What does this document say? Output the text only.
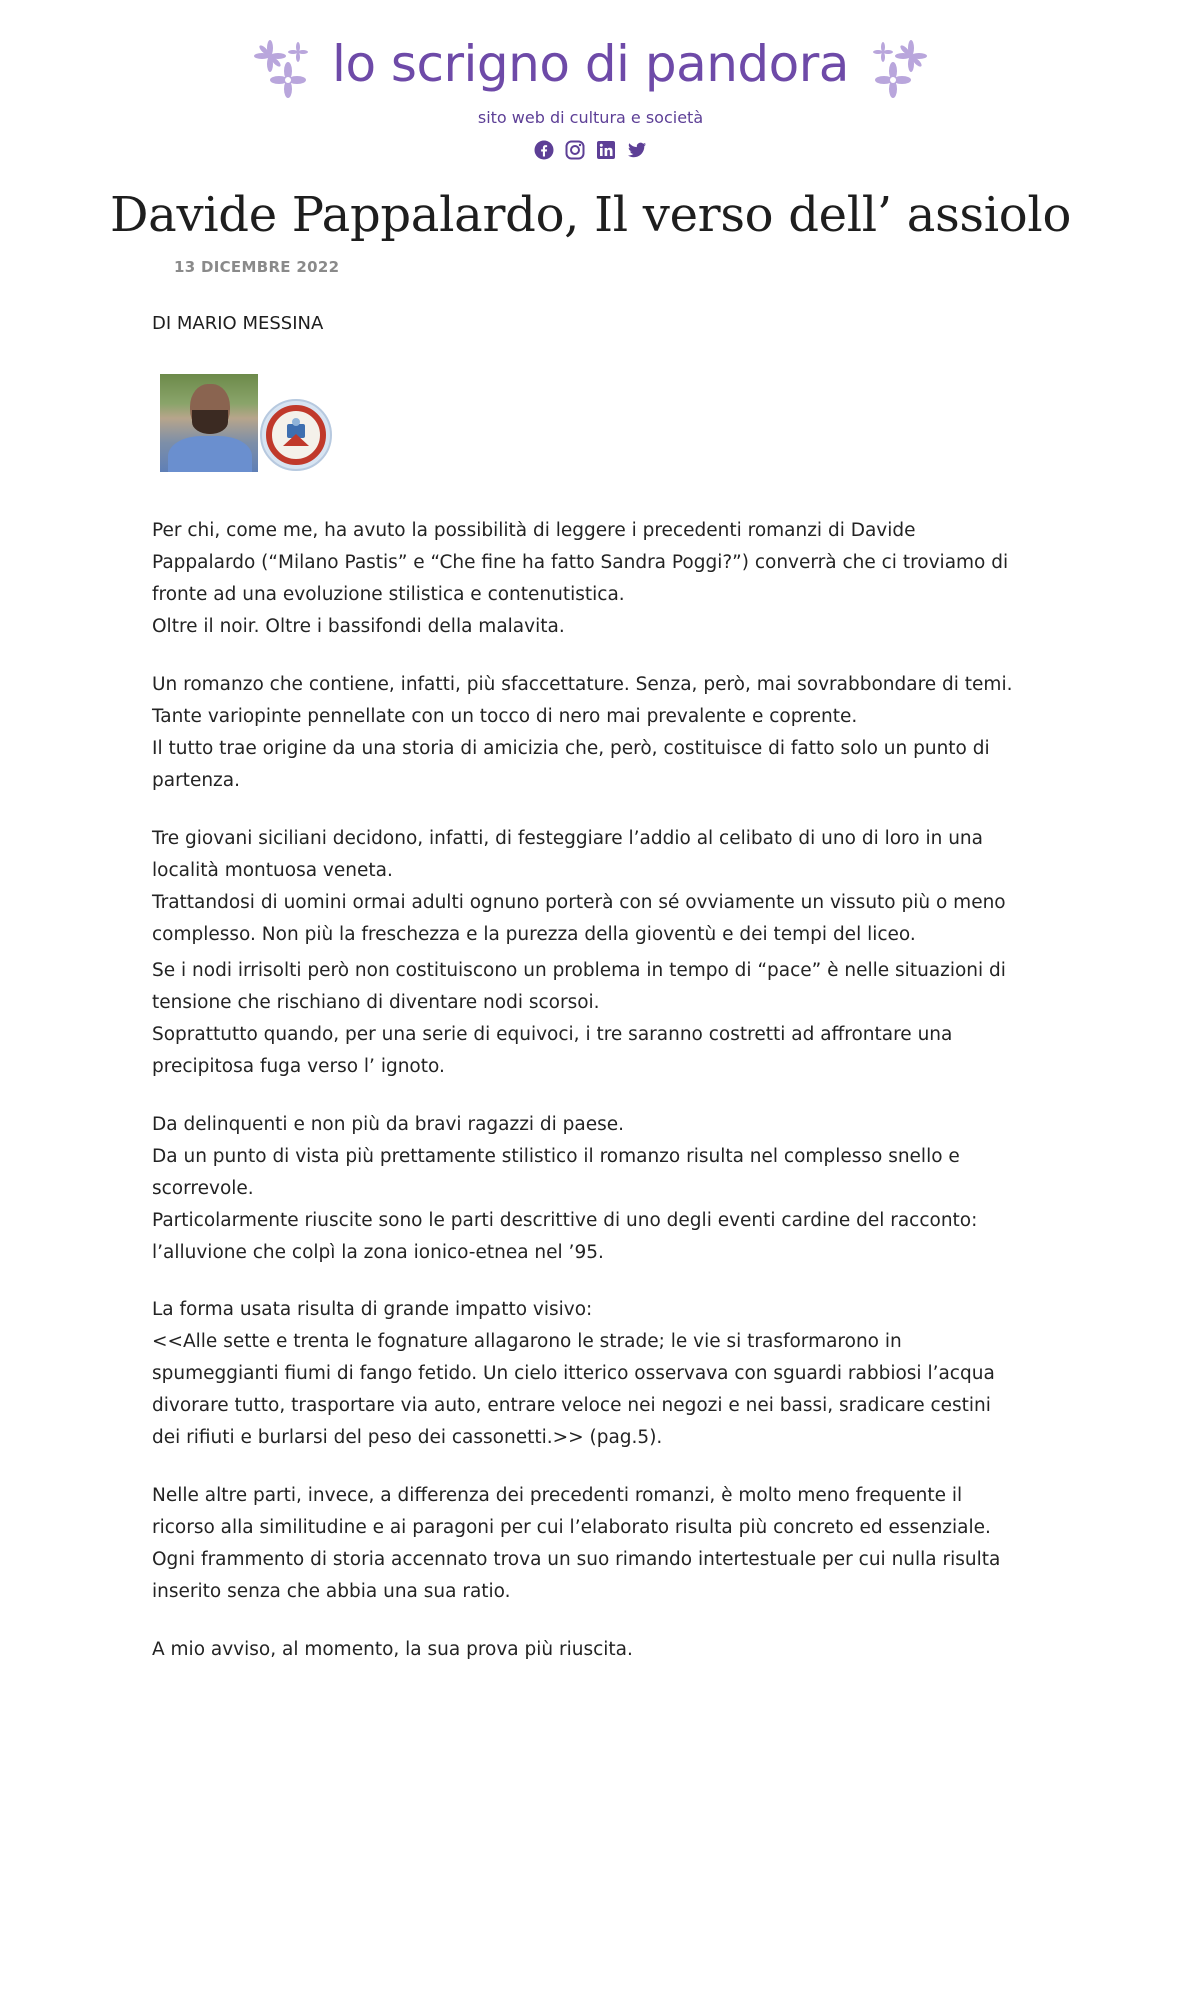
lo scrigno di pandora
sito web di cultura e società
Davide Pappalardo, Il verso dell’ assiolo
13 DICEMBRE 2022
DI MARIO MESSINA

Per chi, come me, ha avuto la possibilità di leggere i precedenti romanzi di Davide Pappalardo (“Milano Pastis” e “Che fine ha fatto Sandra Poggi?”) converrà che ci troviamo di fronte ad una evoluzione stilistica e contenutistica.
Oltre il noir. Oltre i bassifondi della malavita.

Un romanzo che contiene, infatti, più sfaccettature. Senza, però, mai sovrabbondare di temi.
Tante variopinte pennellate con un tocco di nero mai prevalente e coprente.
Il tutto trae origine da una storia di amicizia che, però, costituisce di fatto solo un punto di partenza.

Tre giovani siciliani decidono, infatti, di festeggiare l’addio al celibato di uno di loro in una località montuosa veneta.
Trattandosi di uomini ormai adulti ognuno porterà con sé ovviamente un vissuto più o meno complesso. Non più la freschezza e la purezza della gioventù e dei tempi del liceo.

Se i nodi irrisolti però non costituiscono un problema in tempo di “pace” è nelle situazioni di tensione che rischiano di diventare nodi scorsoi.
Soprattutto quando, per una serie di equivoci, i tre saranno costretti ad affrontare una precipitosa fuga verso l’ ignoto.

Da delinquenti e non più da bravi ragazzi di paese.
Da un punto di vista più prettamente stilistico il romanzo risulta nel complesso snello e scorrevole.
Particolarmente riuscite sono le parti descrittive di uno degli eventi cardine del racconto: l’alluvione che colpì la zona ionico-etnea nel ’95.

La forma usata risulta di grande impatto visivo:
<<Alle sette e trenta le fognature allagarono le strade; le vie si trasformarono in spumeggianti fiumi di fango fetido. Un cielo itterico osservava con sguardi rabbiosi l’acqua divorare tutto, trasportare via auto, entrare veloce nei negozi e nei bassi, sradicare cestini dei rifiuti e burlarsi del peso dei cassonetti.>> (pag.5).

Nelle altre parti, invece, a differenza dei precedenti romanzi, è molto meno frequente il ricorso alla similitudine e ai paragoni per cui l’elaborato risulta più concreto ed essenziale.
Ogni frammento di storia accennato trova un suo rimando intertestuale per cui nulla risulta inserito senza che abbia una sua ratio.

A mio avviso, al momento, la sua prova più riuscita.
